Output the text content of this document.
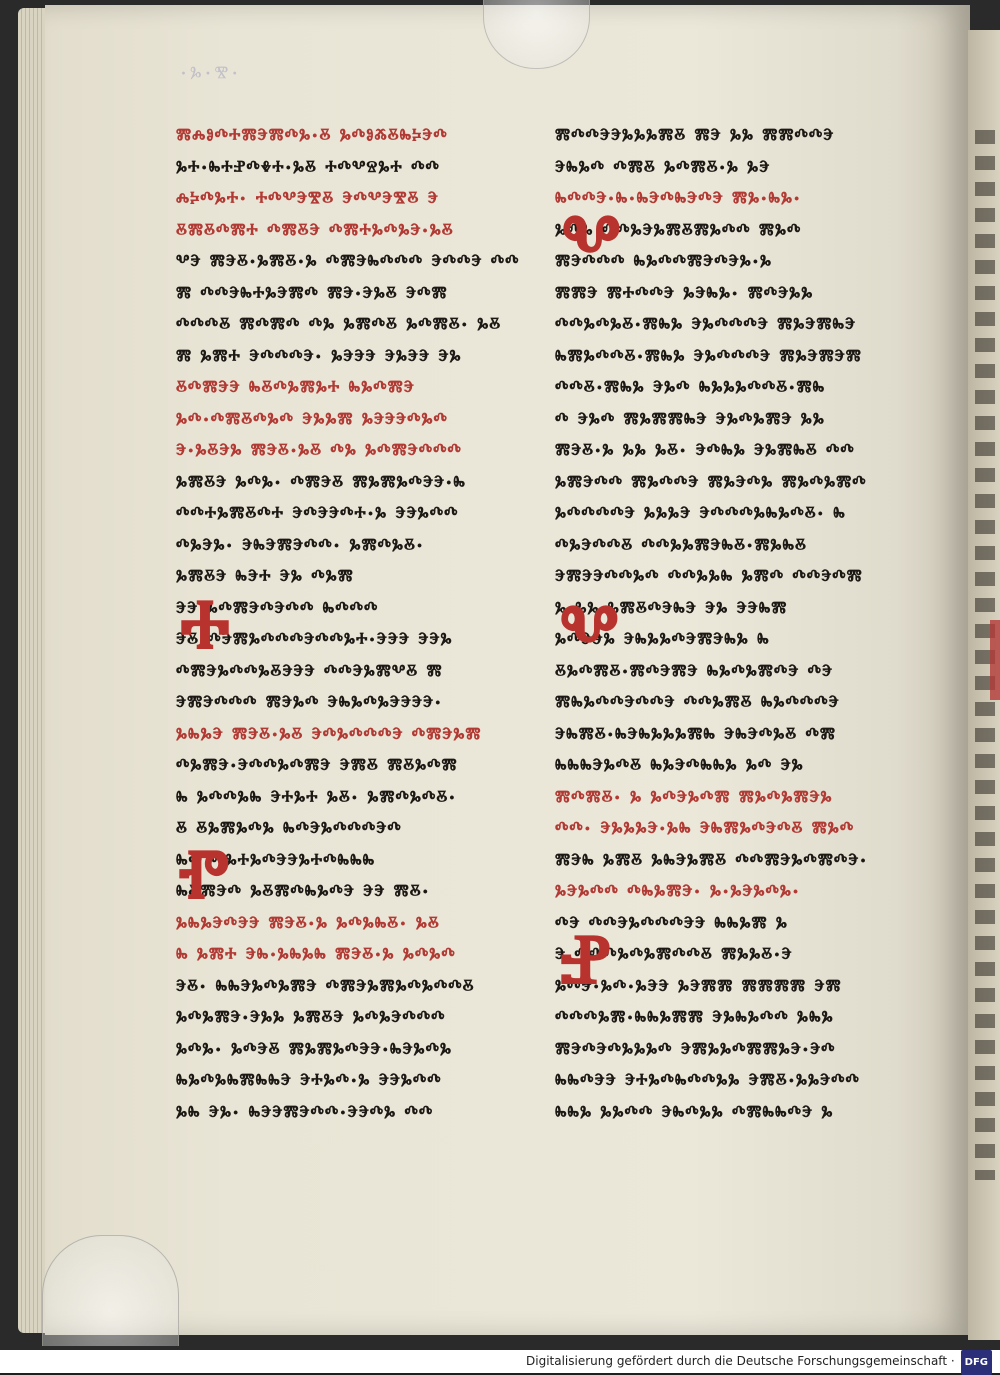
·ⰳ·ⰺ·
ⰿⰾⱁⰴⰰⰿⰵⰿⰴⰳ·ⰻ ⰳⰴⱁⰶⰻⰸⰽⰵⰴ
ⰳⰰ·ⰸⰰⱀⰴⰷⰰ·ⰳⰻ ⰰⰴⰲⱄⰳⰰ ⰴⰴ
ⰾⰽⰴⰳⰰ· ⰰⰴⰲⰵⰺⰻ ⰵⰴⰲⰵⰺⰻ ⰵ
ⰻⰿⰻⰴⰿⰰ ⰴⰿⰻⰵ ⰴⰿⰰⰳⰴⰳⰵ·ⰳⰻ
ⰲⰵ ⰿⰵⰻ·ⰳⰿⰻ·ⰳ ⰴⰿⰵⰸⰴⰴⰴ ⰵⰴⰴⰵ ⰴⰴ
ⰿ ⰴⰴⰵⰸⰰⰳⰵⰿⰴ ⰿⰵ·ⰵⰳⰻ ⰵⰴⰿ
ⰴⰴⰴⰻ ⰿⰴⰿⰴ ⰴⰳ ⰳⰿⰴⰻ ⰳⰴⰿⰻ· ⰳⰻ
ⰿ ⰳⰿⰰ ⰵⰴⰴⰴⰵ· ⰳⰵⰵⰵ ⰵⰳⰵⰵ ⰵⰳ
ⰻⰴⰿⰵⰵ ⰸⰻⰴⰳⰿⰳⰰ ⰸⰳⰴⰿⰵ
ⰳⰴ·ⰴⰿⰻⰴⰳⰴ ⰵⰳⰳⰿ ⰳⰵⰵⰵⰴⰳⰴ
ⰵ·ⰳⰻⰵⰳ ⰿⰵⰻ·ⰳⰻ ⰴⰳ ⰳⰴⰿⰵⰴⰴⰴ
ⰳⰿⰻⰵ ⰳⰴⰳ· ⰴⰿⰵⰻ ⰿⰳⰿⰳⰴⰵⰵ·ⰸ
ⰴⰴⰰⰳⰿⰻⰴⰰ ⰵⰴⰵⰵⰴⰰ·ⰳ ⰵⰵⰳⰴⰴ
ⰴⰳⰵⰳ· ⰵⰸⰵⰿⰵⰴⰴ· ⰳⰿⰴⰳⰻ·
ⰳⰿⰻⰵ ⰸⰵⰰ ⰵⰳ ⰴⰳⰿ
ⰵⰵ ⰳⰴⰿⰵⰴⰵⰴⰴ ⰸⰴⰴⰴ
ⰵⰻ ⰴⰵⰿⰳⰴⰴⰴⰵⰴⰴⰳⰰ·ⰵⰵⰵ ⰵⰵⰳ
ⰴⰿⰵⰳⰴⰴⰳⰻⰵⰵⰵ ⰴⰴⰵⰳⰿⰲⰻ ⰿ
ⰵⰿⰵⰴⰴⰴ ⰿⰵⰳⰴ ⰵⰸⰳⰴⰳⰵⰵⰵⰵ·
ⰳⰸⰳⰵ ⰿⰵⰻ·ⰳⰻ ⰵⰴⰳⰴⰴⰴⰵ ⰴⰿⰵⰳⰿ
ⰴⰳⰿⰵ·ⰵⰴⰴⰳⰴⰿⰵ ⰵⰿⰻ ⰿⰻⰳⰴⰿ
ⰸ ⰳⰴⰴⰳⰸ ⰵⰰⰳⰰ ⰳⰻ· ⰳⰿⰴⰳⰴⰻ·
ⰻ ⰻⰳⰿⰳⰴⰳ ⰸⰴⰵⰳⰴⰴⰴⰵⰴ
ⰸⰴ ⰴⰳⰰⰳⰴⰵⰵⰳⰰⰴⰸⰸⰸ
ⰸⰻⰿⰵⰴ ⰳⰻⰿⰴⰸⰳⰴⰵ ⰵⰵ ⰿⰻ·
ⰳⰸⰳⰵⰴⰵⰵ ⰿⰵⰻ·ⰳ ⰳⰴⰳⰸⰻ· ⰳⰻ
ⰸ ⰳⰿⰰ ⰵⰸ·ⰳⰸⰳⰸ ⰿⰵⰻ·ⰳ ⰳⰴⰳⰴ
ⰵⰻ· ⰸⰸⰵⰳⰴⰳⰿⰵ ⰴⰿⰵⰳⰿⰳⰴⰳⰴⰴⰻ
ⰳⰴⰳⰿⰵ·ⰵⰳⰳ ⰳⰿⰻⰵ ⰳⰴⰳⰵⰴⰴⰴ
ⰳⰴⰳ· ⰳⰴⰵⰻ ⰿⰳⰿⰳⰴⰵⰵ·ⰸⰵⰳⰴⰳ
ⰸⰳⰴⰳⰸⰿⰸⰸⰵ ⰵⰰⰳⰴ·ⰳ ⰵⰵⰳⰴⰴ
ⰳⰸ ⰵⰳ· ⰸⰵⰵⰿⰵⰴⰴ·ⰵⰵⰴⰳ ⰴⰴ
ⰿⰴⰴⰵⰵⰳⰳⰳⰿⰻ ⰿⰵ ⰳⰳ ⰿⰿⰴⰴⰵ
ⰵⰸⰳⰴ ⰴⰿⰻ ⰳⰴⰿⰻ·ⰳ ⰳⰵ
ⰸⰴⰴⰵ·ⰸ·ⰸⰵⰴⰸⰵⰴⰵ ⰿⰳ·ⰸⰳ·
ⰳⰴⰳ ⰴⰴⰳⰵⰳⰿⰻⰿⰳⰴⰴ ⰿⰳⰴ
ⰿⰵⰴⰴⰴ ⰸⰳⰴⰴⰿⰵⰴⰵⰳ·ⰳ
ⰿⰿⰵ ⰿⰰⰴⰴⰵ ⰳⰵⰸⰳ· ⰿⰴⰵⰳⰳ
ⰴⰴⰳⰴⰳⰻ·ⰿⰸⰳ ⰵⰳⰴⰴⰴⰵ ⰿⰳⰵⰿⰸⰵ
ⰸⰿⰳⰴⰴⰻ·ⰿⰸⰳ ⰵⰳⰴⰴⰴⰵ ⰿⰳⰵⰿⰵⰿ
ⰴⰴⰻ·ⰿⰸⰳ ⰵⰳⰴ ⰸⰳⰳⰳⰴⰴⰻ·ⰿⰸ
ⰴ ⰵⰳⰴ ⰿⰳⰿⰿⰸⰵ ⰵⰳⰴⰳⰿⰵ ⰳⰳ
ⰿⰵⰻ·ⰳ ⰳⰳ ⰳⰻ· ⰵⰴⰸⰳ ⰵⰳⰿⰸⰻ ⰴⰴ
ⰳⰿⰵⰴⰴ ⰿⰳⰴⰴⰵ ⰿⰳⰵⰴⰳ ⰿⰳⰴⰳⰿⰴ
ⰳⰴⰴⰴⰴⰵ ⰳⰳⰳⰵ ⰵⰴⰴⰴⰳⰸⰳⰴⰻ· ⰸ
ⰴⰳⰵⰴⰴⰻ ⰴⰴⰳⰳⰿⰵⰸⰻ·ⰿⰳⰸⰻ
ⰵⰿⰵⰵⰴⰴⰳⰴ ⰴⰴⰳⰳⰸ ⰳⰿⰴ ⰴⰴⰵⰴⰿ
ⰳ ⰳⰳ ⰳⰿⰻⰴⰵⰸⰵ ⰵⰳ ⰵⰵⰸⰿ
ⰳⰴⰵⰵⰳ ⰵⰸⰳⰳⰴⰵⰿⰵⰸⰳ ⰸ
ⰻⰳⰴⰿⰻ·ⰿⰴⰵⰿⰵ ⰸⰳⰴⰳⰿⰴⰵ ⰴⰵ
ⰿⰸⰳⰴⰴⰵⰴⰴⰵ ⰴⰴⰳⰿⰻ ⰸⰳⰴⰴⰴⰵ
ⰵⰸⰿⰻ·ⰸⰵⰸⰳⰳⰳⰿⰸ ⰵⰸⰵⰴⰳⰻ ⰴⰿ
ⰸⰸⰸⰵⰳⰴⰻ ⰸⰳⰵⰴⰸⰸⰳ ⰳⰴ ⰵⰳ
ⰿⰴⰿⰻ· ⰳ ⰳⰴⰵⰳⰴⰿ ⰿⰳⰴⰳⰿⰵⰳ
ⰴⰴ· ⰵⰳⰳⰳⰵ·ⰳⰸ ⰵⰸⰿⰳⰴⰵⰴⰻ ⰿⰳⰴ
ⰿⰵⰸ ⰳⰿⰻ ⰳⰸⰵⰳⰿⰻ ⰴⰴⰿⰵⰳⰴⰿⰴⰵ·
ⰳⰵⰳⰴⰴ ⰴⰸⰳⰿⰵ· ⰳ·ⰳⰵⰳⰴⰳ·
ⰴⰵ ⰴⰴⰵⰳⰴⰴⰴⰵⰵ ⰸⰸⰳⰿ ⰳ
ⰵ ⰴⰴⰴⰳⰴⰳⰿⰴⰴⰻ ⰿⰳⰳⰻ·ⰵ
ⰳⰴⰵ·ⰳⰴ·ⰳⰵⰵ ⰳⰵⰿⰿ ⰿⰿⰿⰿ ⰵⰿ
ⰴⰴⰴⰳⰿ·ⰸⰸⰳⰿⰿ ⰵⰳⰸⰳⰴⰴ ⰳⰸⰳ
ⰿⰵⰴⰵⰴⰳⰳⰳⰴ ⰵⰿⰳⰳⰴⰿⰿⰳⰵ·ⰵⰴ
ⰸⰸⰴⰵⰵ ⰵⰰⰳⰴⰸⰴⰴⰳⰳ ⰵⰿⰻ·ⰳⰳⰵⰴⰴ
ⰸⰸⰳ ⰳⰳⰴⰴ ⰵⰸⰴⰳⰳ ⰴⰿⰸⰸⰴⰵ ⰳ
ⰰ
ⱂ
ⰲ
ⰲ
ⱀ
Digitalisierung gefördert durch die Deutsche Forschungsgemeinschaft · DFG
